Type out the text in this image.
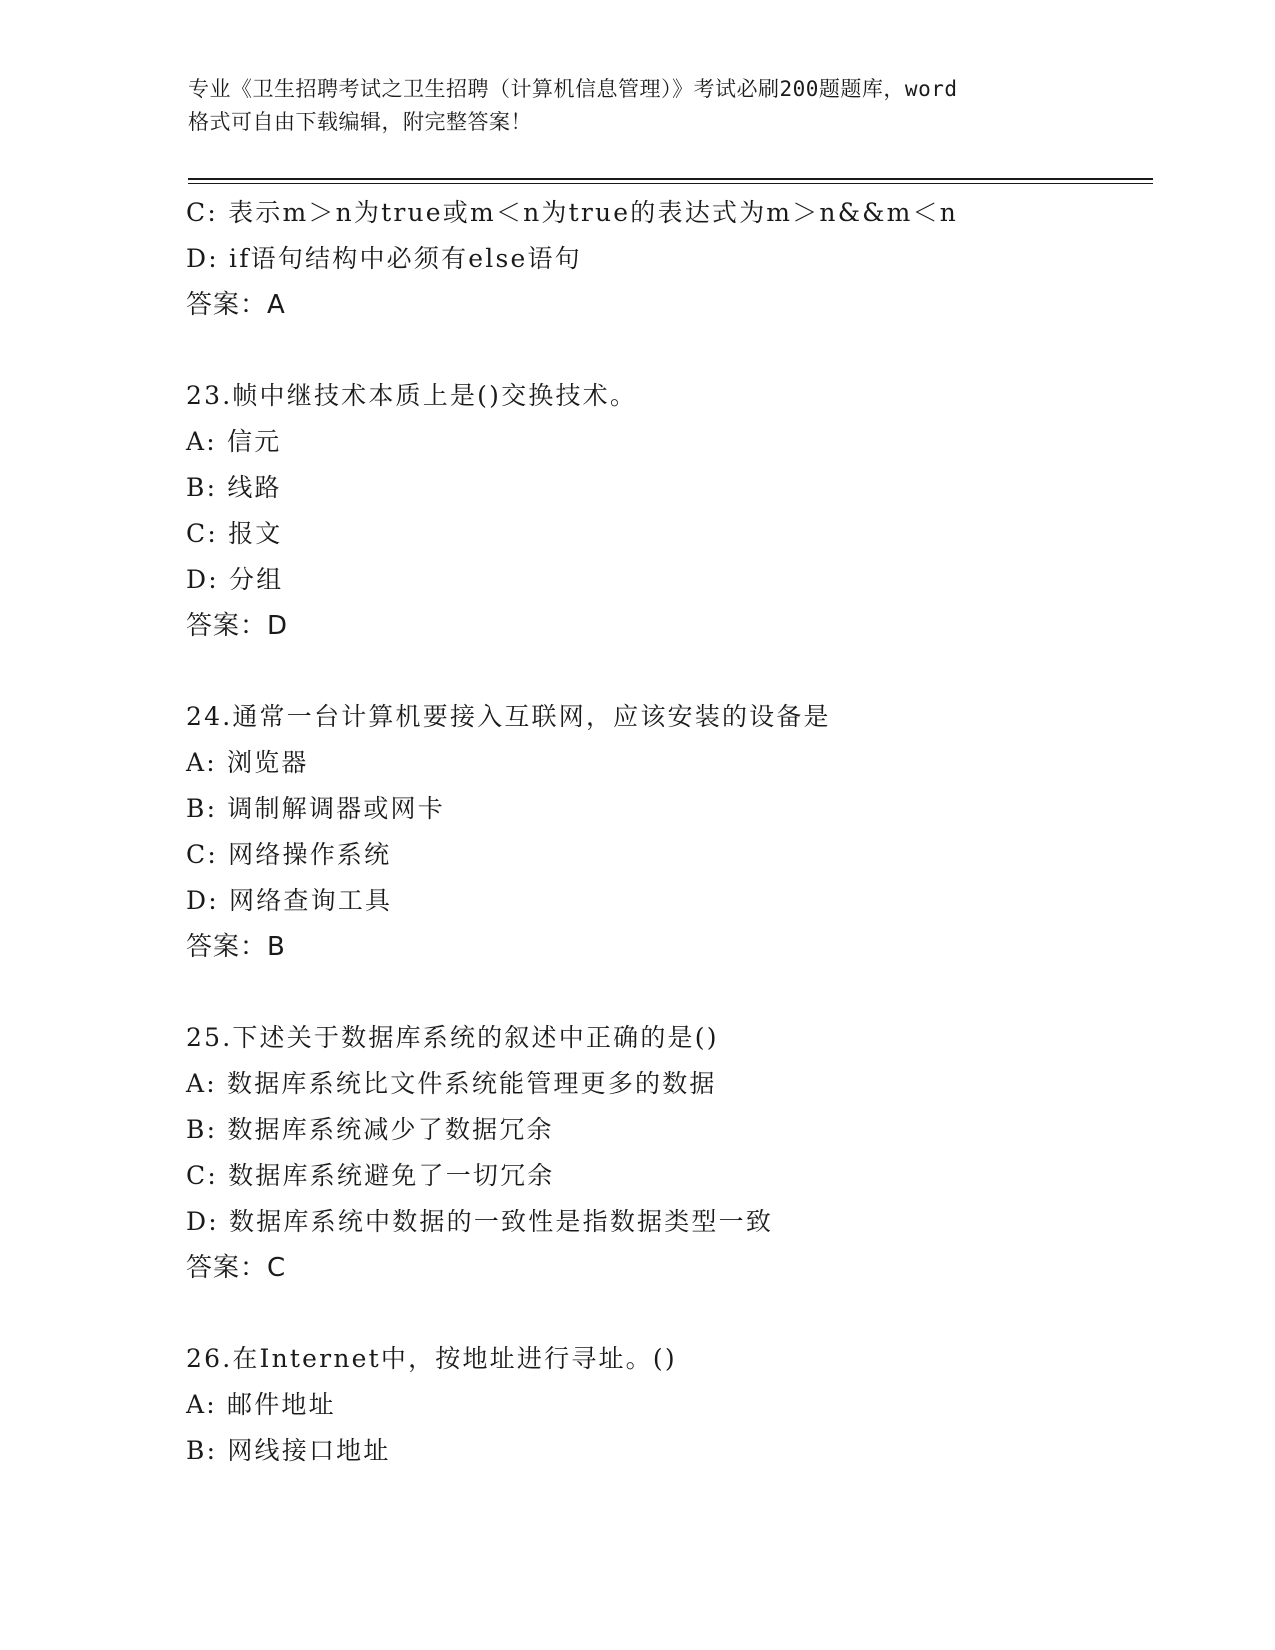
专业《卫生招聘考试之卫生招聘（计算机信息管理）》考试必刷200题题库，word
格式可自由下载编辑，附完整答案！
C: 表示m＞n为true或m＜n为true的表达式为m＞n&&m＜n
D: if语句结构中必须有else语句
答案：A
23.帧中继技术本质上是()交换技术。
A: 信元
B: 线路
C: 报文
D: 分组
答案：D
24.通常一台计算机要接入互联网，应该安装的设备是
A: 浏览器
B: 调制解调器或网卡
C: 网络操作系统
D: 网络查询工具
答案：B
25.下述关于数据库系统的叙述中正确的是()
A: 数据库系统比文件系统能管理更多的数据
B: 数据库系统减少了数据冗余
C: 数据库系统避免了一切冗余
D: 数据库系统中数据的一致性是指数据类型一致
答案：C
26.在Internet中，按地址进行寻址。()
A: 邮件地址
B: 网线接口地址
